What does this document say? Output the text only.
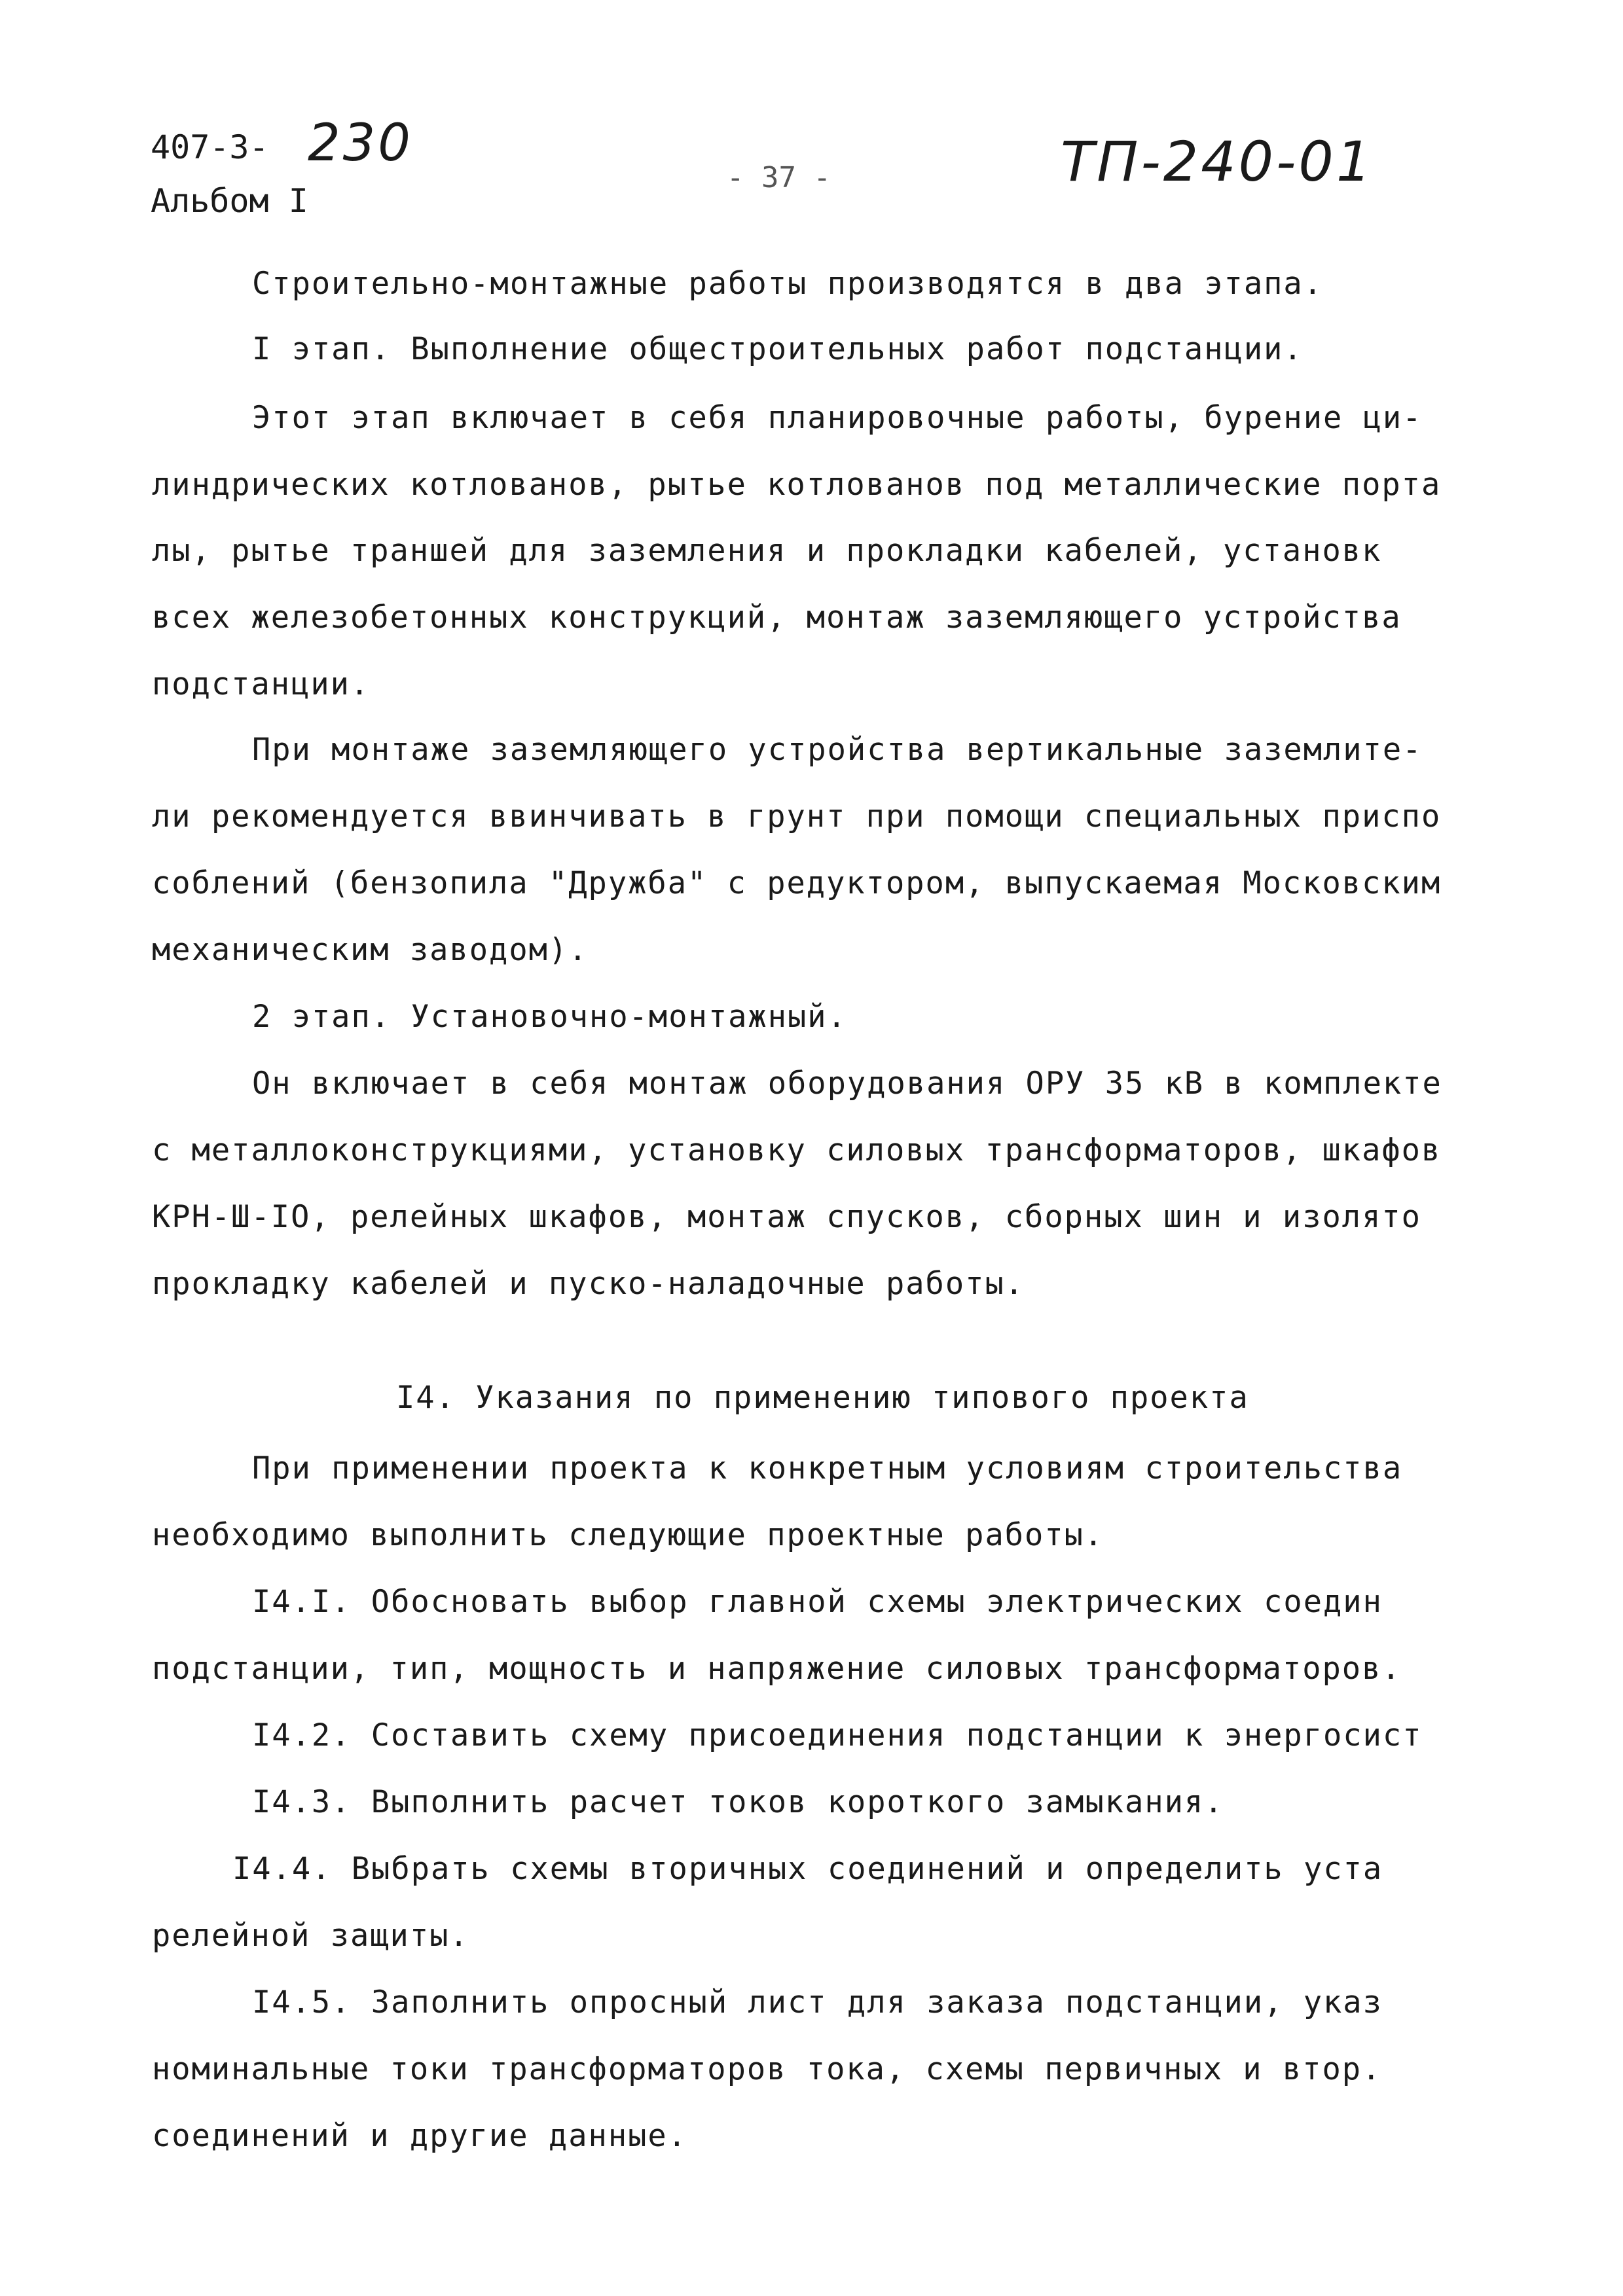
407-3- 230
Альбом I
- 37 -	ТП-240-01
Строительно-монтажные работы производятся в два этапа.
I этап. Выполнение общестроительных работ подстанции.
Этот этап включает в себя планировочные работы, бурение ци-
линдрических котлованов, рытье котлованов под металлические порта
лы, рытье траншей для заземления и прокладки кабелей, установк
всех железобетонных конструкций, монтаж заземляющего устройства
подстанции.
При монтаже заземляющего устройства вертикальные заземлите-
ли рекомендуется ввинчивать в грунт при помощи специальных приспо
соблений (бензопила "Дружба" с редуктором, выпускаемая Московским
механическим заводом).
2 этап. Установочно-монтажный.
Он включает в себя монтаж оборудования ОРУ 35 кВ в комплекте
с металлоконструкциями, установку силовых трансформаторов, шкафов
КРН-Ш-IO, релейных шкафов, монтаж спусков, сборных шин и изолято
прокладку кабелей и пуско-наладочные работы.
I4. Указания по применению типового проекта
При применении проекта к конкретным условиям строительства
необходимо выполнить следующие проектные работы.
I4.I. Обосновать выбор главной схемы электрических соедин
подстанции, тип, мощность и напряжение силовых трансформаторов.
I4.2. Составить схему присоединения подстанции к энергосист
I4.3. Выполнить расчет токов короткого замыкания.
I4.4. Выбрать схемы вторичных соединений и определить уста
релейной защиты.
I4.5. Заполнить опросный лист для заказа подстанции, указ
номинальные токи трансформаторов тока, схемы первичных и втор.
соединений и другие данные.
